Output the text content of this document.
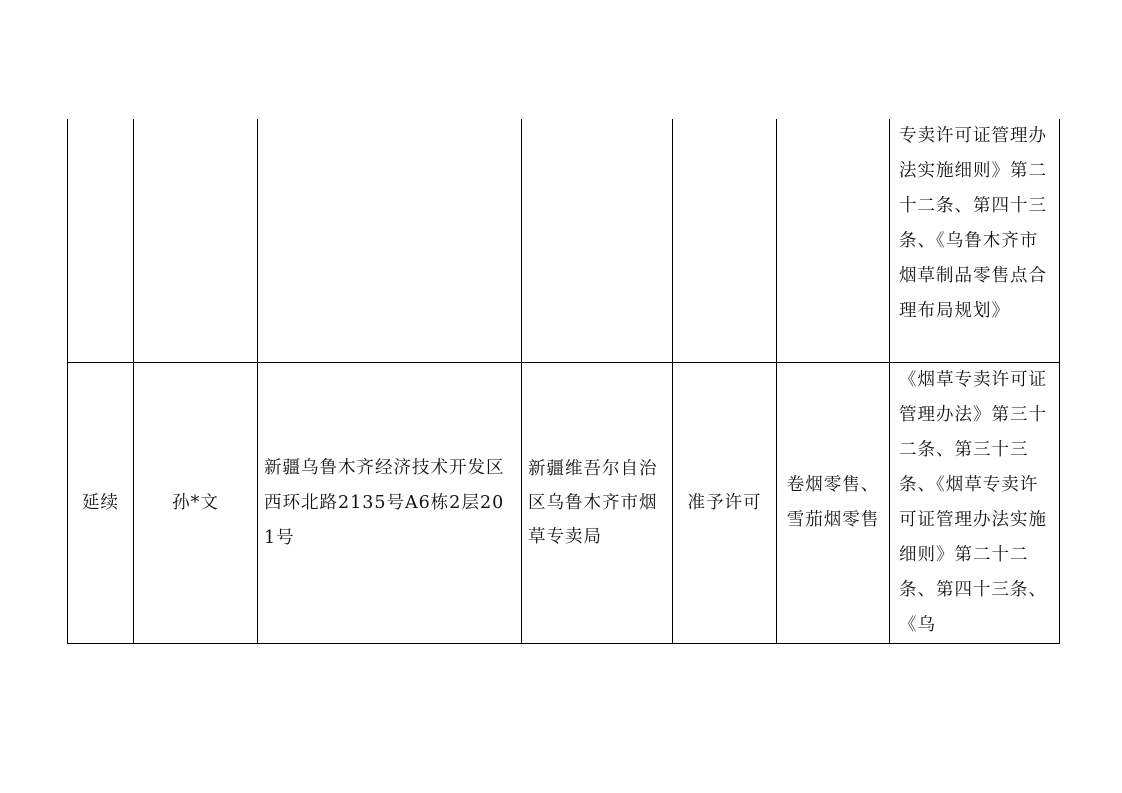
						专卖许可证管理办法实施细则》第二十二条、第四十三条、《乌鲁木齐市烟草制品零售点合理布局规划》

延续	孙*文	新疆乌鲁木齐经济技术开发区西环北路2135号A6栋2层201号	新疆维吾尔自治区乌鲁木齐市烟草专卖局	准予许可	卷烟零售、雪茄烟零售	《烟草专卖许可证管理办法》第三十二条、第三十三条、《烟草专卖许可证管理办法实施细则》第二十二条、第四十三条、《乌
